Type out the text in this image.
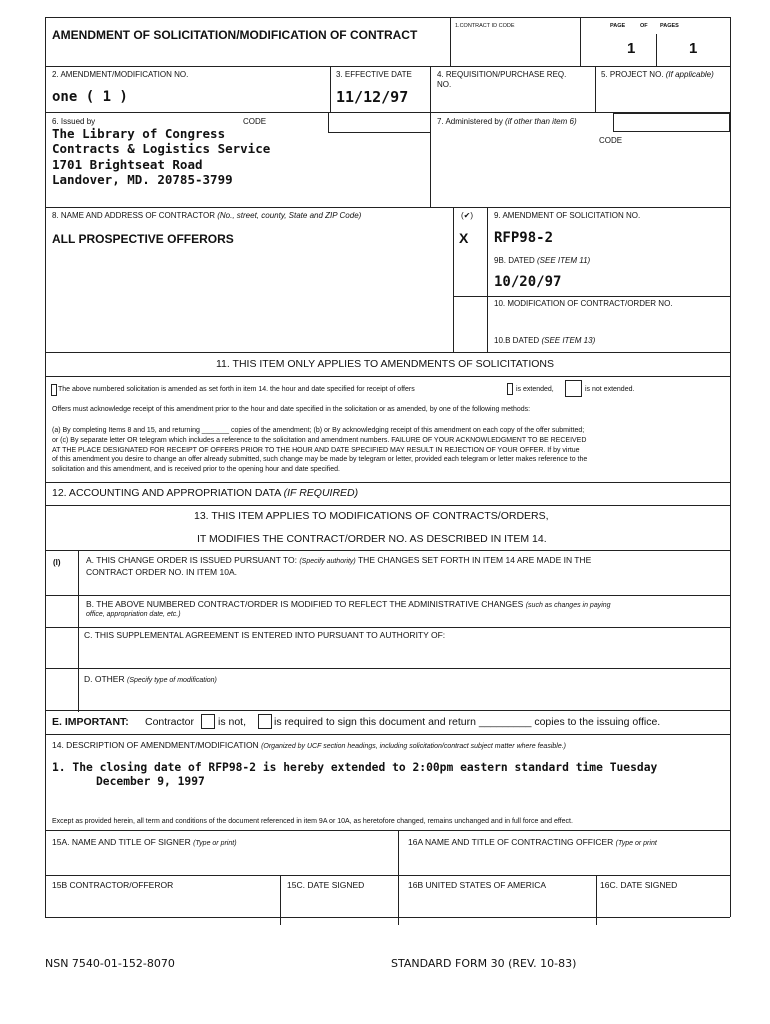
AMENDMENT OF SOLICITATION/MODIFICATION OF CONTRACT
1.CONTRACT ID CODE	PAGE	OF PAGES
1	1
2. AMENDMENT/MODIFICATION NO.
one ( 1 )
3. EFFECTIVE DATE
11/12/97
4. REQUISITION/PURCHASE REQ.
NO.
5. PROJECT NO. (If applicable)
6. Issued by	CODE
The Library of Congress
Contracts & Logistics Service
1701 Brightseat Road
Landover, MD. 20785-3799
7. Administered by (if other than item 6)
CODE
8. NAME AND ADDRESS OF CONTRACTOR (No., street, county, State and ZIP Code)
ALL PROSPECTIVE OFFERORS
(✔)
X
9. AMENDMENT OF SOLICITATION NO.
RFP98-2
9B. DATED (SEE ITEM 11)
10/20/97
10. MODIFICATION OF CONTRACT/ORDER NO.
10.B DATED (SEE ITEM 13)
11. THIS ITEM ONLY APPLIES TO AMENDMENTS OF SOLICITATIONS
The above numbered solicitation is amended as set forth in item 14. the hour and date specified for receipt of offers	is extended,	is not extended.
Offers must acknowledge receipt of this amendment prior to the hour and date specified in the solicitation or as amended, by one of the following methods:
(a) By completing Items 8 and 15, and returning _______ copies of the amendment; (b) or By acknowledging receipt of this amendment on each copy of the offer submitted;
or (c) By separate letter OR telegram which includes a reference to the solicitation and amendment numbers. FAILURE OF YOUR ACKNOWLEDGMENT TO BE RECEIVED
AT THE PLACE DESIGNATED FOR RECEIPT OF OFFERS PRIOR TO THE HOUR AND DATE SPECIFIED MAY RESULT IN REJECTION OF YOUR OFFER. If by virtue
of this amendment you desire to change an offer already submitted, such change may be made by telegram or letter, provided each telegram or letter makes reference to the
solicitation and this amendment, and is received prior to the opening hour and date specified.
12. ACCOUNTING AND APPROPRIATION DATA (IF REQUIRED)
13. THIS ITEM APPLIES TO MODIFICATIONS OF CONTRACTS/ORDERS,
IT MODIFIES THE CONTRACT/ORDER NO. AS DESCRIBED IN ITEM 14.
(I)	A. THIS CHANGE ORDER IS ISSUED PURSUANT TO: (Specify authority) THE CHANGES SET FORTH IN ITEM 14 ARE MADE IN THE
CONTRACT ORDER NO. IN ITEM 10A.
B. THE ABOVE NUMBERED CONTRACT/ORDER IS MODIFIED TO REFLECT THE ADMINISTRATIVE CHANGES (such as changes in paying
office, appropriation date, etc.)
C. THIS SUPPLEMENTAL AGREEMENT IS ENTERED INTO PURSUANT TO AUTHORITY OF:
D. OTHER (Specify type of modification)
E. IMPORTANT: Contractor is not,	is required to sign this document and return _________ copies to the issuing office.
14. DESCRIPTION OF AMENDMENT/MODIFICATION (Organized by UCF section headings, including solicitation/contract subject matter where feasible.)
1. The closing date of RFP98-2 is hereby extended to 2:00pm eastern standard time Tuesday
December 9, 1997
Except as provided herein, all term and conditions of the document referenced in item 9A or 10A, as heretofore changed, remains unchanged and in full force and effect.
15A. NAME AND TITLE OF SIGNER (Type or print)	16A NAME AND TITLE OF CONTRACTING OFFICER (Type or print
15B CONTRACTOR/OFFEROR	15C. DATE SIGNED	16B UNITED STATES OF AMERICA	16C. DATE SIGNED
NSN 7540-01-152-8070	STANDARD FORM 30 (REV. 10-83)
